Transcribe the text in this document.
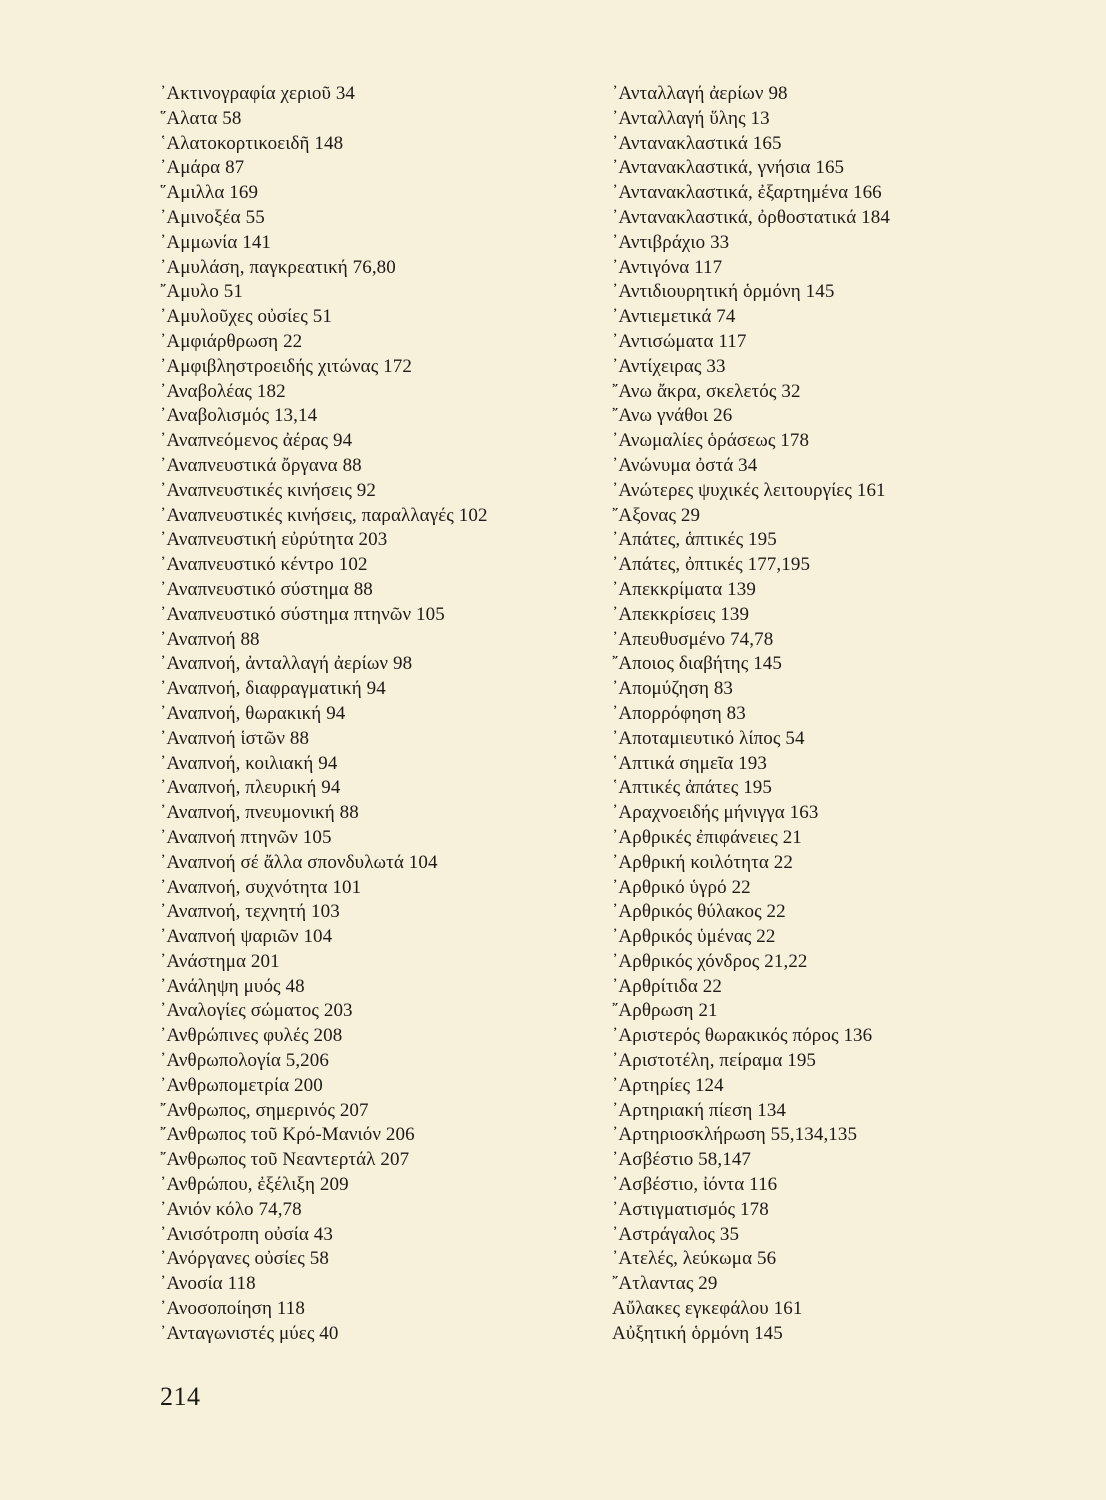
᾿Ακτινογραφία χεριοῦ 34
῞Αλατα 58
῾Αλατοκορτικοειδῆ 148
᾿Αμάρα 87
῞Αμιλλα 169
᾿Αμινοξέα 55
᾿Αμμωνία 141
᾿Αμυλάση, παγκρεατική 76,80
῎Αμυλο 51
᾿Αμυλοῦχες οὐσίες 51
᾿Αμφιάρθρωση 22
᾿Αμφιβληστροειδής χιτώνας 172
᾿Αναβολέας 182
᾿Αναβολισμός 13,14
᾿Αναπνεόμενος ἀέρας 94
᾿Αναπνευστικά ὄργανα 88
᾿Αναπνευστικές κινήσεις 92
᾿Αναπνευστικές κινήσεις, παραλλαγές 102
᾿Αναπνευστική εὐρύτητα 203
᾿Αναπνευστικό κέντρο 102
᾿Αναπνευστικό σύστημα 88
᾿Αναπνευστικό σύστημα πτηνῶν 105
᾿Αναπνοή 88
᾿Αναπνοή, ἀνταλλαγή ἀερίων 98
᾿Αναπνοή, διαφραγματική 94
᾿Αναπνοή, θωρακική 94
᾿Αναπνοή ἱστῶν 88
᾿Αναπνοή, κοιλιακή 94
᾿Αναπνοή, πλευρική 94
᾿Αναπνοή, πνευμονική 88
᾿Αναπνοή πτηνῶν 105
᾿Αναπνοή σέ ἄλλα σπονδυλωτά 104
᾿Αναπνοή, συχνότητα 101
᾿Αναπνοή, τεχνητή 103
᾿Αναπνοή ψαριῶν 104
᾿Ανάστημα 201
᾿Ανάληψη μυός 48
᾿Αναλογίες σώματος 203
᾿Ανθρώπινες φυλές 208
᾿Ανθρωπολογία 5,206
᾿Ανθρωπομετρία 200
῎Ανθρωπος, σημερινός 207
῎Ανθρωπος τοῦ Κρό-Μανιόν 206
῎Ανθρωπος τοῦ Νεαντερτάλ 207
᾿Ανθρώπου, ἐξέλιξη 209
᾿Ανιόν κόλο 74,78
᾿Ανισότροπη οὐσία 43
᾿Ανόργανες οὐσίες 58
᾿Ανοσία 118
᾿Ανοσοποίηση 118
᾿Ανταγωνιστές μύες 40
᾿Ανταλλαγή ἀερίων 98
᾿Ανταλλαγή ὕλης 13
᾿Αντανακλαστικά 165
᾿Αντανακλαστικά, γνήσια 165
᾿Αντανακλαστικά, ἐξαρτημένα 166
᾿Αντανακλαστικά, ὀρθοστατικά 184
᾿Αντιβράχιο 33
᾿Αντιγόνα 117
᾿Αντιδιουρητική ὁρμόνη 145
᾿Αντιεμετικά 74
᾿Αντισώματα 117
᾿Αντίχειρας 33
῎Ανω ἄκρα, σκελετός 32
῎Ανω γνάθοι 26
᾿Ανωμαλίες ὁράσεως 178
᾿Ανώνυμα ὀστά 34
᾿Ανώτερες ψυχικές λειτουργίες 161
῎Αξονας 29
᾿Απάτες, ἁπτικές 195
᾿Απάτες, ὀπτικές 177,195
᾿Απεκκρίματα 139
᾿Απεκκρίσεις 139
᾿Απευθυσμένο 74,78
῎Αποιος διαβήτης 145
᾿Απομύζηση 83
᾿Απορρόφηση 83
᾿Αποταμιευτικό λίπος 54
῾Απτικά σημεῖα 193
῾Απτικές ἀπάτες 195
᾿Αραχνοειδής μήνιγγα 163
᾿Αρθρικές ἐπιφάνειες 21
᾿Αρθρική κοιλότητα 22
᾿Αρθρικό ὑγρό 22
᾿Αρθρικός θύλακος 22
᾿Αρθρικός ὑμένας 22
᾿Αρθρικός χόνδρος 21,22
᾿Αρθρίτιδα 22
῎Αρθρωση 21
᾿Αριστερός θωρακικός πόρος 136
᾿Αριστοτέλη, πείραμα 195
᾿Αρτηρίες 124
᾿Αρτηριακή πίεση 134
᾿Αρτηριοσκλήρωση 55,134,135
᾿Ασβέστιο 58,147
᾿Ασβέστιο, ἰόντα 116
᾿Αστιγματισμός 178
᾿Αστράγαλος 35
᾿Ατελές, λεύκωμα 56
῎Ατλαντας 29
Αὔλακες εγκεφάλου 161
Αὐξητική ὁρμόνη 145
214
